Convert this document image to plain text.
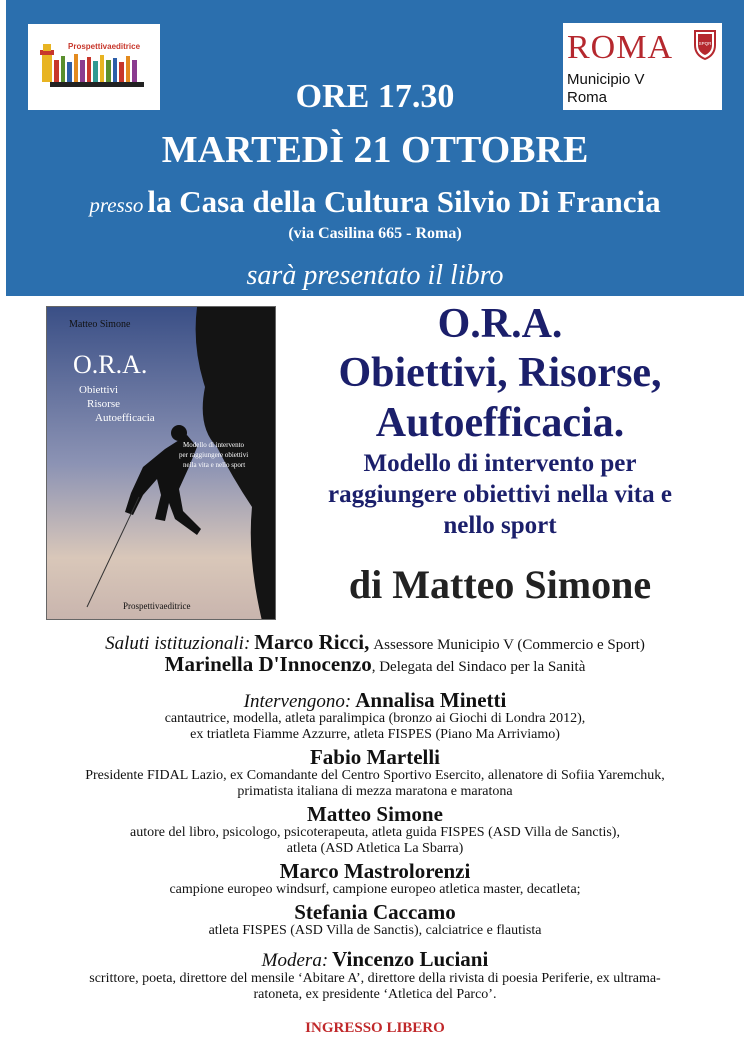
Prospettivaeditrice	ROMA	SPQR
Municipio V
Roma
ORE 17.30
MARTEDÌ 21 OTTOBRE
presso la Casa della Cultura Silvio Di Francia
(via Casilina 665 - Roma)
sarà presentato il libro
Matteo Simone
O.R.A.
Obiettivi
Risorse
Autoefficacia
Modello di intervento
per raggiungere obiettivi
nella vita e nello sport
Prospettivaeditrice
O.R.A.
Obiettivi, Risorse,
Autoefficacia.
Modello di intervento per
raggiungere obiettivi nella vita e
nello sport
di Matteo Simone
Saluti istituzionali: Marco Ricci, Assessore Municipio V (Commercio e Sport)
Marinella D'Innocenzo, Delegata del Sindaco per la Sanità
Intervengono: Annalisa Minetti
cantautrice, modella, atleta paralimpica (bronzo ai Giochi di Londra 2012),
ex triatleta Fiamme Azzurre, atleta FISPES (Piano Ma Arriviamo)
Fabio Martelli
Presidente FIDAL Lazio, ex Comandante del Centro Sportivo Esercito, allenatore di Sofiia Yaremchuk,
primatista italiana di mezza maratona e maratona
Matteo Simone
autore del libro, psicologo, psicoterapeuta, atleta guida FISPES (ASD Villa de Sanctis),
atleta (ASD Atletica La Sbarra)
Marco Mastrolorenzi
campione europeo windsurf, campione europeo atletica master, decatleta;
Stefania Caccamo
atleta FISPES (ASD Villa de Sanctis), calciatrice e flautista
Modera: Vincenzo Luciani
scrittore, poeta, direttore del mensile ‘Abitare A’, direttore della rivista di poesia Periferie, ex ultrama-
ratoneta, ex presidente ‘Atletica del Parco’.
INGRESSO LIBERO
